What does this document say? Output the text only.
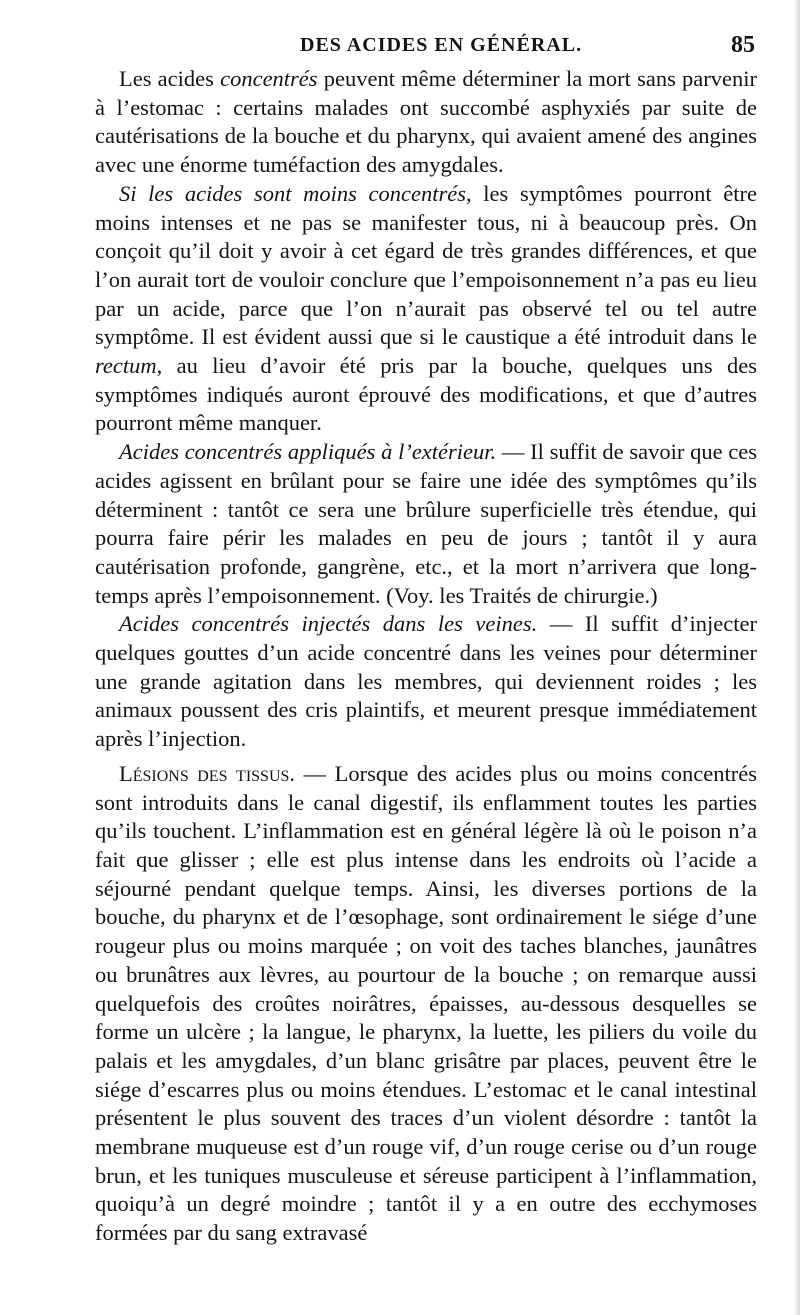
DES ACIDES EN GÉNÉRAL.	85

Les acides concentrés peuvent même déterminer la mort sans parvenir à l’estomac : certains malades ont succombé asphyxiés par suite de cautérisations de la bouche et du pharynx, qui avaient amené des angines avec une énorme tuméfaction des amygdales.

Si les acides sont moins concentrés, les symptômes pourront être moins intenses et ne pas se manifester tous, ni à beaucoup près. On conçoit qu’il doit y avoir à cet égard de très grandes différences, et que l’on aurait tort de vouloir conclure que l’empoisonnement n’a pas eu lieu par un acide, parce que l’on n’aurait pas observé tel ou tel autre symptôme. Il est évident aussi que si le caustique a été introduit dans le rectum, au lieu d’avoir été pris par la bouche, quelques uns des symptômes indiqués auront éprouvé des modifications, et que d’autres pourront même manquer.

Acides concentrés appliqués à l’extérieur. — Il suffit de savoir que ces acides agissent en brûlant pour se faire une idée des symptômes qu’ils déterminent : tantôt ce sera une brûlure superficielle très étendue, qui pourra faire périr les malades en peu de jours ; tantôt il y aura cautérisation profonde, gangrène, etc., et la mort n’arrivera que long-temps après l’empoisonnement. (Voy. les Traités de chirurgie.)

Acides concentrés injectés dans les veines. — Il suffit d’injecter quelques gouttes d’un acide concentré dans les veines pour déterminer une grande agitation dans les membres, qui deviennent roides ; les animaux poussent des cris plaintifs, et meurent presque immédiatement après l’injection.

Lésions des tissus. — Lorsque des acides plus ou moins concentrés sont introduits dans le canal digestif, ils enflamment toutes les parties qu’ils touchent. L’inflammation est en général légère là où le poison n’a fait que glisser ; elle est plus intense dans les endroits où l’acide a séjourné pendant quelque temps. Ainsi, les diverses portions de la bouche, du pharynx et de l’œsophage, sont ordinairement le siége d’une rougeur plus ou moins marquée ; on voit des taches blanches, jaunâtres ou brunâtres aux lèvres, au pourtour de la bouche ; on remarque aussi quelquefois des croûtes noirâtres, épaisses, au-dessous desquelles se forme un ulcère ; la langue, le pharynx, la luette, les piliers du voile du palais et les amygdales, d’un blanc grisâtre par places, peuvent être le siége d’escarres plus ou moins étendues. L’estomac et le canal intestinal présentent le plus souvent des traces d’un violent désordre : tantôt la membrane muqueuse est d’un rouge vif, d’un rouge cerise ou d’un rouge brun, et les tuniques musculeuse et séreuse participent à l’inflammation, quoiqu’à un degré moindre ; tantôt il y a en outre des ecchymoses formées par du sang extravasé
